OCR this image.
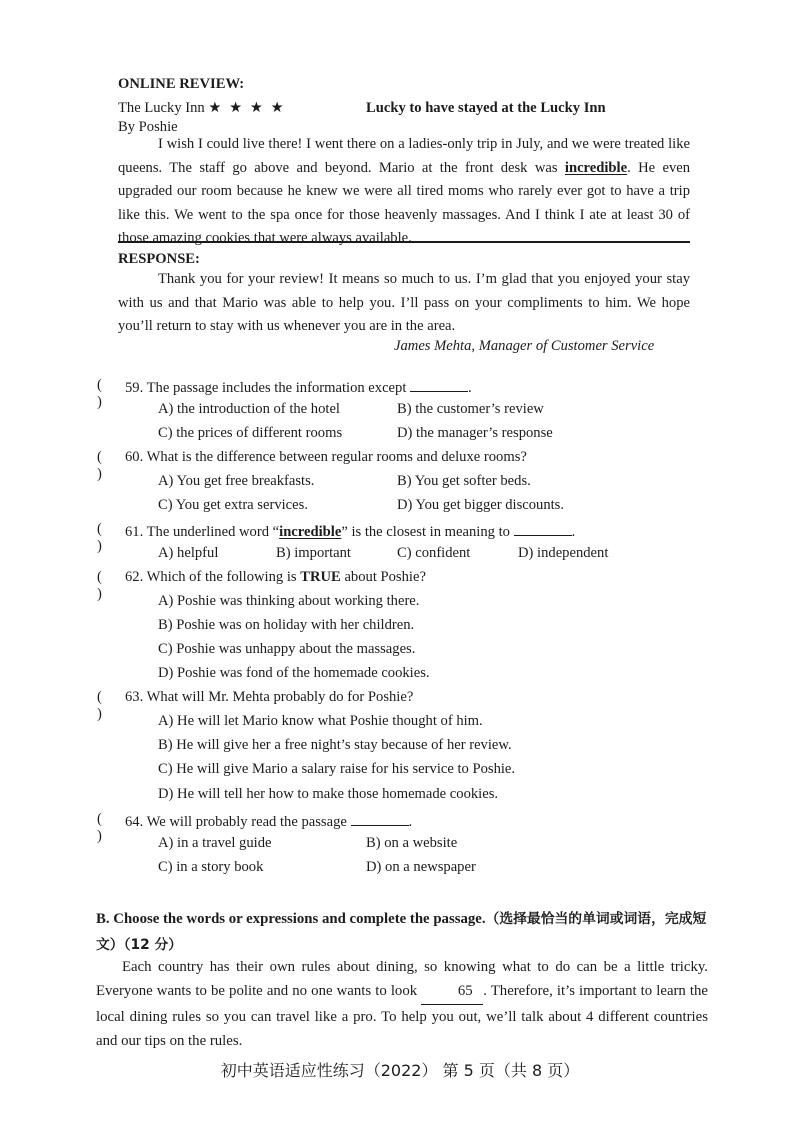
ONLINE REVIEW:
The Lucky Inn ★ ★ ★ ★	Lucky to have stayed at the Lucky Inn
By Poshie

I wish I could live there! I went there on a ladies-only trip in July, and we were treated like queens. The staff go above and beyond. Mario at the front desk was incredible. He even upgraded our room because he knew we were all tired moms who rarely ever got to have a trip like this. We went to the spa once for those heavenly massages. And I think I ate at least 30 of those amazing cookies that were always available.

RESPONSE:

Thank you for your review! It means so much to us. I’m glad that you enjoyed your stay with us and that Mario was able to help you. I’ll pass on your compliments to him. We hope you’ll return to stay with us whenever you are in the area.

James Mehta, Manager of Customer Service
( )
59. The passage includes the information except	.
A) the introduction of the hotel	B) the customer’s review
C) the prices of different rooms	D) the manager’s response
( )
60. What is the difference between regular rooms and deluxe rooms?
A) You get free breakfasts.	B) You get softer beds.
C) You get extra services.	D) You get bigger discounts.
( )
61. The underlined word “incredible” is the closest in meaning to	.
A) helpful	B) important	C) confident	D) independent
( )
62. Which of the following is TRUE about Poshie?
A) Poshie was thinking about working there.
B) Poshie was on holiday with her children.
C) Poshie was unhappy about the massages.
D) Poshie was fond of the homemade cookies.
( )
63. What will Mr. Mehta probably do for Poshie?
A) He will let Mario know what Poshie thought of him.
B) He will give her a free night’s stay because of her review.
C) He will give Mario a salary raise for his service to Poshie.
D) He will tell her how to make those homemade cookies.
( )
64. We will probably read the passage	.
A) in a travel guide	B) on a website
C) in a story book	D) on a newspaper
B. Choose the words or expressions and complete the passage.（选择最恰当的单词或词语，完成短文）（12 分）

Each country has their own rules about dining, so knowing what to do can be a little tricky. Everyone wants to be polite and no one wants to look 65 . Therefore, it’s important to learn the local dining rules so you can travel like a pro. To help you out, we’ll talk about 4 different countries and our tips on the rules.

初中英语适应性练习（2022） 第 5 页（共 8 页）
